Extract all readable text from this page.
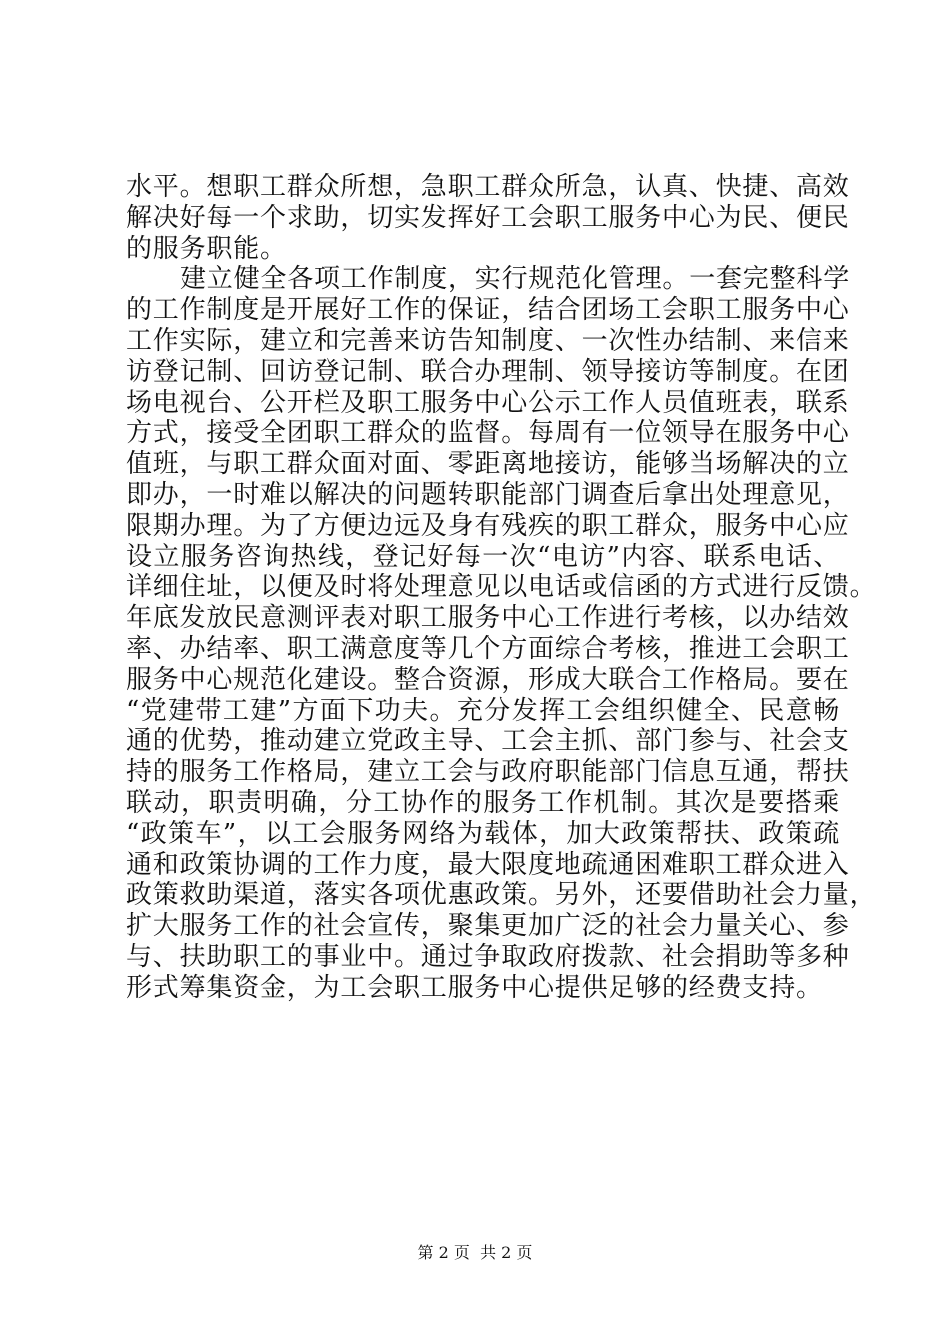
水平。想职工群众所想，急职工群众所急，认真、快捷、高效
解决好每一个求助，切实发挥好工会职工服务中心为民、便民
的服务职能。
建立健全各项工作制度，实行规范化管理。一套完整科学
的工作制度是开展好工作的保证，结合团场工会职工服务中心
工作实际，建立和完善来访告知制度、一次性办结制、来信来
访登记制、回访登记制、联合办理制、领导接访等制度。在团
场电视台、公开栏及职工服务中心公示工作人员值班表，联系
方式，接受全团职工群众的监督。每周有一位领导在服务中心
值班，与职工群众面对面、零距离地接访，能够当场解决的立
即办，一时难以解决的问题转职能部门调查后拿出处理意见，
限期办理。为了方便边远及身有残疾的职工群众，服务中心应
设立服务咨询热线，登记好每一次“电访”内容、联系电话、
详细住址，以便及时将处理意见以电话或信函的方式进行反馈。
年底发放民意测评表对职工服务中心工作进行考核，以办结效
率、办结率、职工满意度等几个方面综合考核，推进工会职工
服务中心规范化建设。整合资源，形成大联合工作格局。要在
“党建带工建”方面下功夫。充分发挥工会组织健全、民意畅
通的优势，推动建立党政主导、工会主抓、部门参与、社会支
持的服务工作格局，建立工会与政府职能部门信息互通，帮扶
联动，职责明确，分工协作的服务工作机制。其次是要搭乘
“政策车”，以工会服务网络为载体，加大政策帮扶、政策疏
通和政策协调的工作力度，最大限度地疏通困难职工群众进入
政策救助渠道，落实各项优惠政策。另外，还要借助社会力量，
扩大服务工作的社会宣传，聚集更加广泛的社会力量关心、参
与、扶助职工的事业中。通过争取政府拨款、社会捐助等多种
形式筹集资金，为工会职工服务中心提供足够的经费支持。
第 2 页  共 2 页
